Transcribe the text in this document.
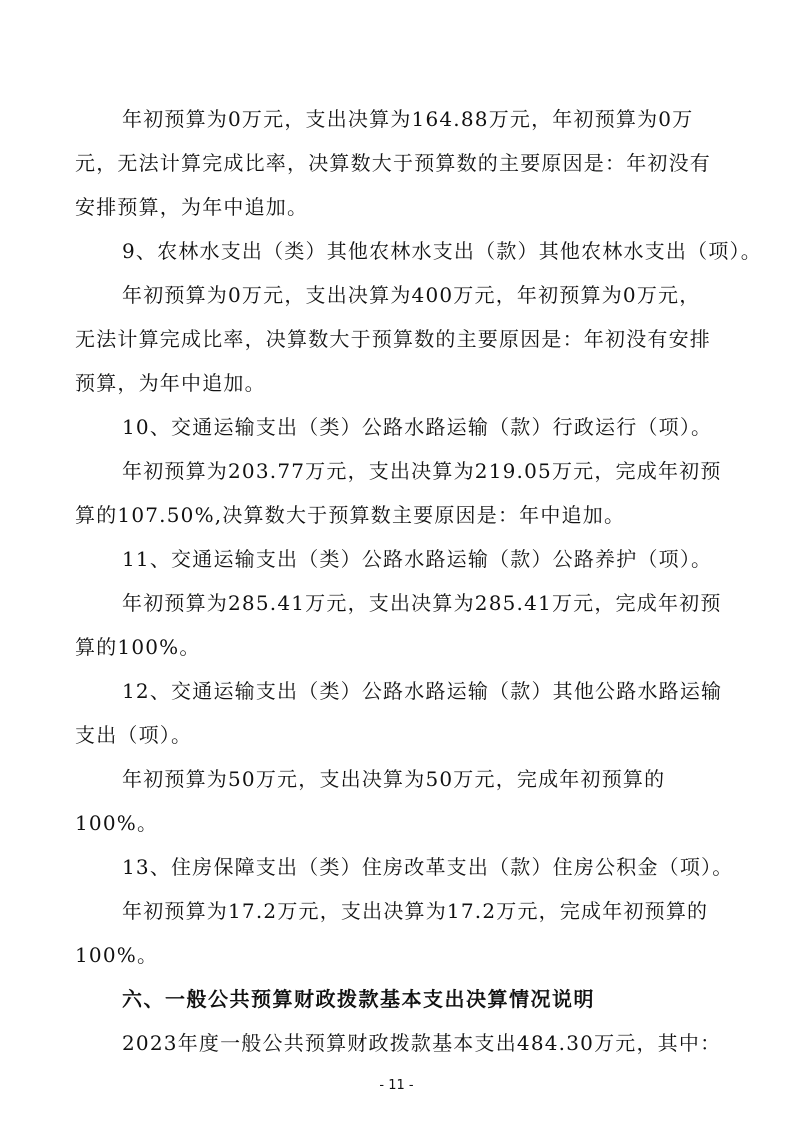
年初预算为0万元，支出决算为164.88万元，年初预算为0万
元，无法计算完成比率，决算数大于预算数的主要原因是：年初没有
安排预算，为年中追加。
9、农林水支出（类）其他农林水支出（款）其他农林水支出（项）。
年初预算为0万元，支出决算为400万元，年初预算为0万元，
无法计算完成比率，决算数大于预算数的主要原因是：年初没有安排
预算，为年中追加。
10、交通运输支出（类）公路水路运输（款）行政运行（项）。
年初预算为203.77万元，支出决算为219.05万元，完成年初预
算的107.50%,决算数大于预算数主要原因是：年中追加。
11、交通运输支出（类）公路水路运输（款）公路养护（项）。
年初预算为285.41万元，支出决算为285.41万元，完成年初预
算的100%。
12、交通运输支出（类）公路水路运输（款）其他公路水路运输
支出（项）。
年初预算为50万元，支出决算为50万元，完成年初预算的
100%。
13、住房保障支出（类）住房改革支出（款）住房公积金（项）。
年初预算为17.2万元，支出决算为17.2万元，完成年初预算的
100%。
六、一般公共预算财政拨款基本支出决算情况说明
2023年度一般公共预算财政拨款基本支出484.30万元，其中：
- 11 -
